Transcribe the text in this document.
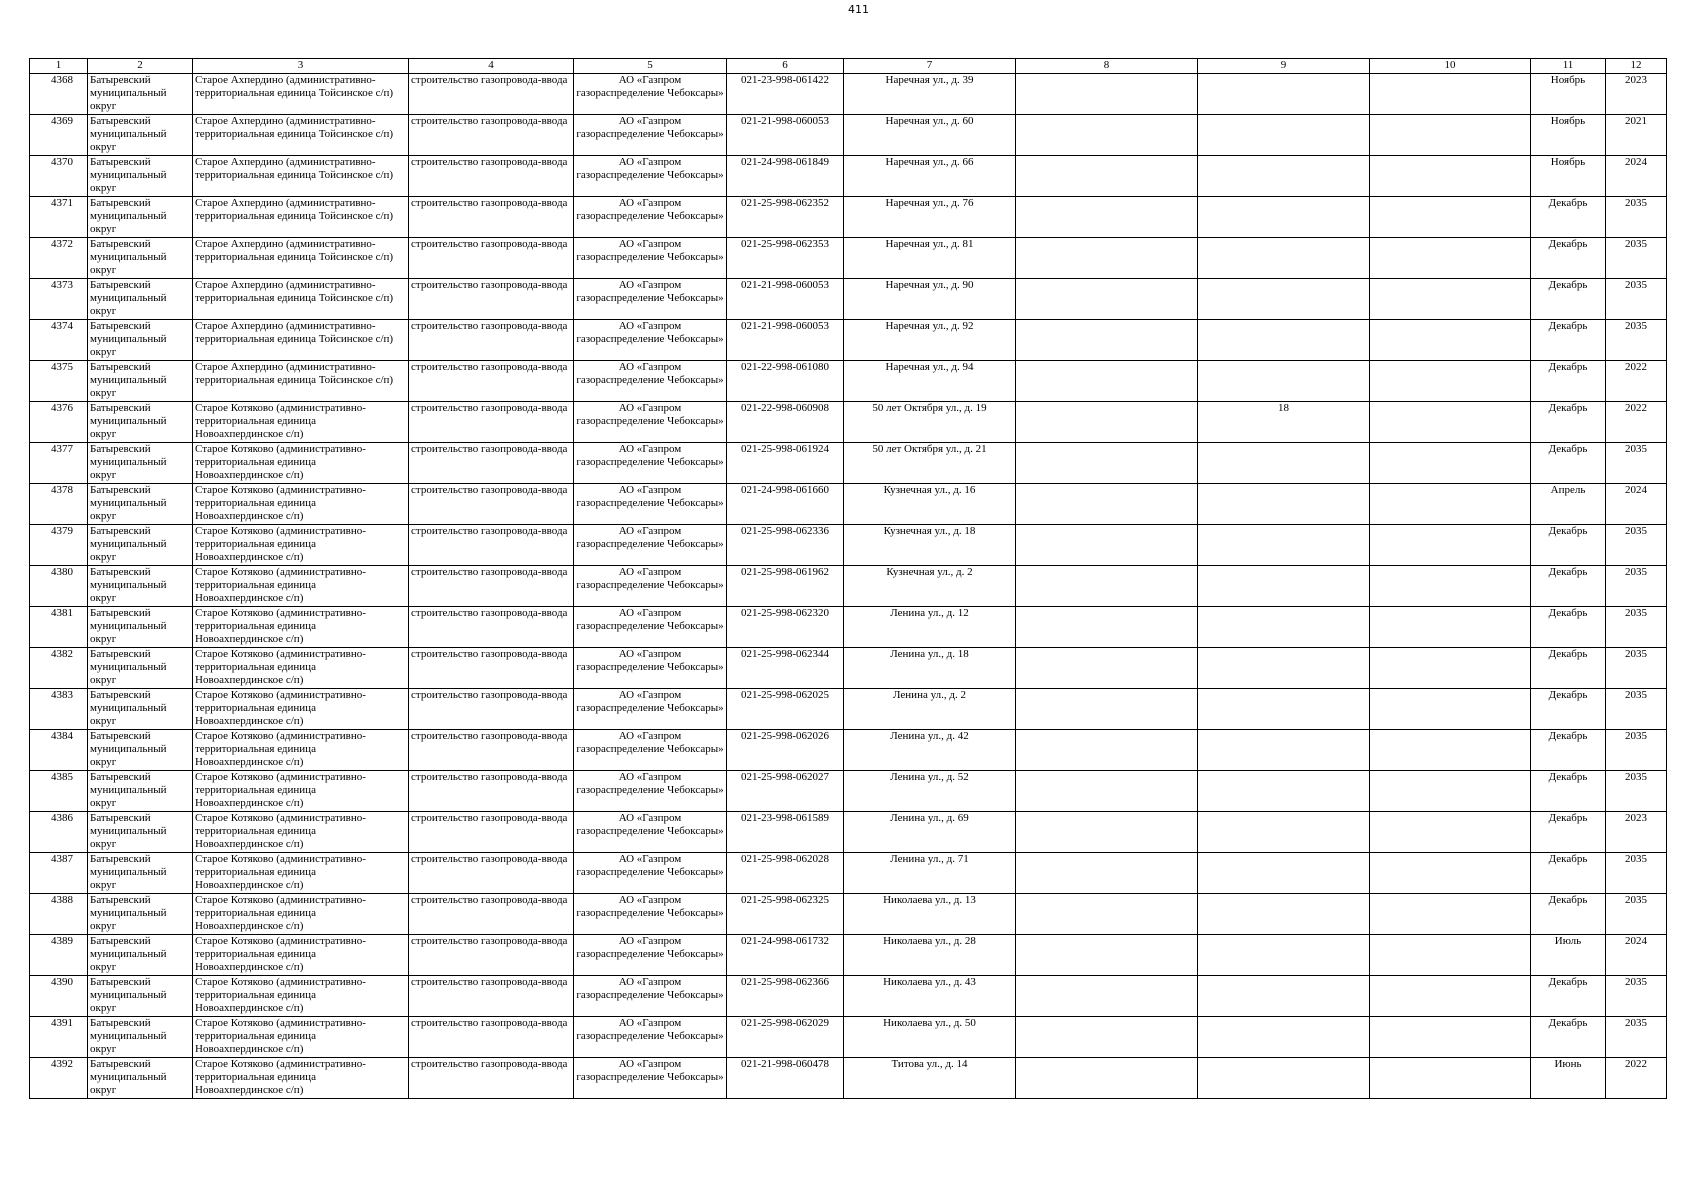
411
1	2	3	4	5	6	7	8	9	10	11	12

4368	Батыревский муниципальный округ	Старое Ахпердино (административно-территориальная единица Тойсинское с/п)	строительство газопровода-ввода	АО «Газпром газораспределение Чебоксары»	021-23-998-061422	Наречная ул., д. 39				Ноябрь	2023

4369	Батыревский муниципальный округ	Старое Ахпердино (административно-территориальная единица Тойсинское с/п)	строительство газопровода-ввода	АО «Газпром газораспределение Чебоксары»	021-21-998-060053	Наречная ул., д. 60				Ноябрь	2021

4370	Батыревский муниципальный округ	Старое Ахпердино (административно-территориальная единица Тойсинское с/п)	строительство газопровода-ввода	АО «Газпром газораспределение Чебоксары»	021-24-998-061849	Наречная ул., д. 66				Ноябрь	2024

4371	Батыревский муниципальный округ	Старое Ахпердино (административно-территориальная единица Тойсинское с/п)	строительство газопровода-ввода	АО «Газпром газораспределение Чебоксары»	021-25-998-062352	Наречная ул., д. 76				Декабрь	2035

4372	Батыревский муниципальный округ	Старое Ахпердино (административно-территориальная единица Тойсинское с/п)	строительство газопровода-ввода	АО «Газпром газораспределение Чебоксары»	021-25-998-062353	Наречная ул., д. 81				Декабрь	2035

4373	Батыревский муниципальный округ	Старое Ахпердино (административно-территориальная единица Тойсинское с/п)	строительство газопровода-ввода	АО «Газпром газораспределение Чебоксары»	021-21-998-060053	Наречная ул., д. 90				Декабрь	2035

4374	Батыревский муниципальный округ	Старое Ахпердино (административно-территориальная единица Тойсинское с/п)	строительство газопровода-ввода	АО «Газпром газораспределение Чебоксары»	021-21-998-060053	Наречная ул., д. 92				Декабрь	2035

4375	Батыревский муниципальный округ	Старое Ахпердино (административно-территориальная единица Тойсинское с/п)	строительство газопровода-ввода	АО «Газпром газораспределение Чебоксары»	021-22-998-061080	Наречная ул., д. 94				Декабрь	2022

4376	Батыревский муниципальный округ	Старое Котяково (административно-территориальная единица Новоахпердинское с/п)	строительство газопровода-ввода	АО «Газпром газораспределение Чебоксары»	021-22-998-060908	50 лет Октября ул., д. 19		18		Декабрь	2022

4377	Батыревский муниципальный округ	Старое Котяково (административно-территориальная единица Новоахпердинское с/п)	строительство газопровода-ввода	АО «Газпром газораспределение Чебоксары»	021-25-998-061924	50 лет Октября ул., д. 21				Декабрь	2035

4378	Батыревский муниципальный округ	Старое Котяково (административно-территориальная единица Новоахпердинское с/п)	строительство газопровода-ввода	АО «Газпром газораспределение Чебоксары»	021-24-998-061660	Кузнечная ул., д. 16				Апрель	2024

4379	Батыревский муниципальный округ	Старое Котяково (административно-территориальная единица Новоахпердинское с/п)	строительство газопровода-ввода	АО «Газпром газораспределение Чебоксары»	021-25-998-062336	Кузнечная ул., д. 18				Декабрь	2035

4380	Батыревский муниципальный округ	Старое Котяково (административно-территориальная единица Новоахпердинское с/п)	строительство газопровода-ввода	АО «Газпром газораспределение Чебоксары»	021-25-998-061962	Кузнечная ул., д. 2				Декабрь	2035

4381	Батыревский муниципальный округ	Старое Котяково (административно-территориальная единица Новоахпердинское с/п)	строительство газопровода-ввода	АО «Газпром газораспределение Чебоксары»	021-25-998-062320	Ленина ул., д. 12				Декабрь	2035

4382	Батыревский муниципальный округ	Старое Котяково (административно-территориальная единица Новоахпердинское с/п)	строительство газопровода-ввода	АО «Газпром газораспределение Чебоксары»	021-25-998-062344	Ленина ул., д. 18				Декабрь	2035

4383	Батыревский муниципальный округ	Старое Котяково (административно-территориальная единица Новоахпердинское с/п)	строительство газопровода-ввода	АО «Газпром газораспределение Чебоксары»	021-25-998-062025	Ленина ул., д. 2				Декабрь	2035

4384	Батыревский муниципальный округ	Старое Котяково (административно-территориальная единица Новоахпердинское с/п)	строительство газопровода-ввода	АО «Газпром газораспределение Чебоксары»	021-25-998-062026	Ленина ул., д. 42				Декабрь	2035

4385	Батыревский муниципальный округ	Старое Котяково (административно-территориальная единица Новоахпердинское с/п)	строительство газопровода-ввода	АО «Газпром газораспределение Чебоксары»	021-25-998-062027	Ленина ул., д. 52				Декабрь	2035

4386	Батыревский муниципальный округ	Старое Котяково (административно-территориальная единица Новоахпердинское с/п)	строительство газопровода-ввода	АО «Газпром газораспределение Чебоксары»	021-23-998-061589	Ленина ул., д. 69				Декабрь	2023

4387	Батыревский муниципальный округ	Старое Котяково (административно-территориальная единица Новоахпердинское с/п)	строительство газопровода-ввода	АО «Газпром газораспределение Чебоксары»	021-25-998-062028	Ленина ул., д. 71				Декабрь	2035

4388	Батыревский муниципальный округ	Старое Котяково (административно-территориальная единица Новоахпердинское с/п)	строительство газопровода-ввода	АО «Газпром газораспределение Чебоксары»	021-25-998-062325	Николаева ул., д. 13				Декабрь	2035

4389	Батыревский муниципальный округ	Старое Котяково (административно-территориальная единица Новоахпердинское с/п)	строительство газопровода-ввода	АО «Газпром газораспределение Чебоксары»	021-24-998-061732	Николаева ул., д. 28				Июль	2024

4390	Батыревский муниципальный округ	Старое Котяково (административно-территориальная единица Новоахпердинское с/п)	строительство газопровода-ввода	АО «Газпром газораспределение Чебоксары»	021-25-998-062366	Николаева ул., д. 43				Декабрь	2035

4391	Батыревский муниципальный округ	Старое Котяково (административно-территориальная единица Новоахпердинское с/п)	строительство газопровода-ввода	АО «Газпром газораспределение Чебоксары»	021-25-998-062029	Николаева ул., д. 50				Декабрь	2035

4392	Батыревский муниципальный округ	Старое Котяково (административно-территориальная единица Новоахпердинское с/п)	строительство газопровода-ввода	АО «Газпром газораспределение Чебоксары»	021-21-998-060478	Титова ул., д. 14				Июнь	2022
